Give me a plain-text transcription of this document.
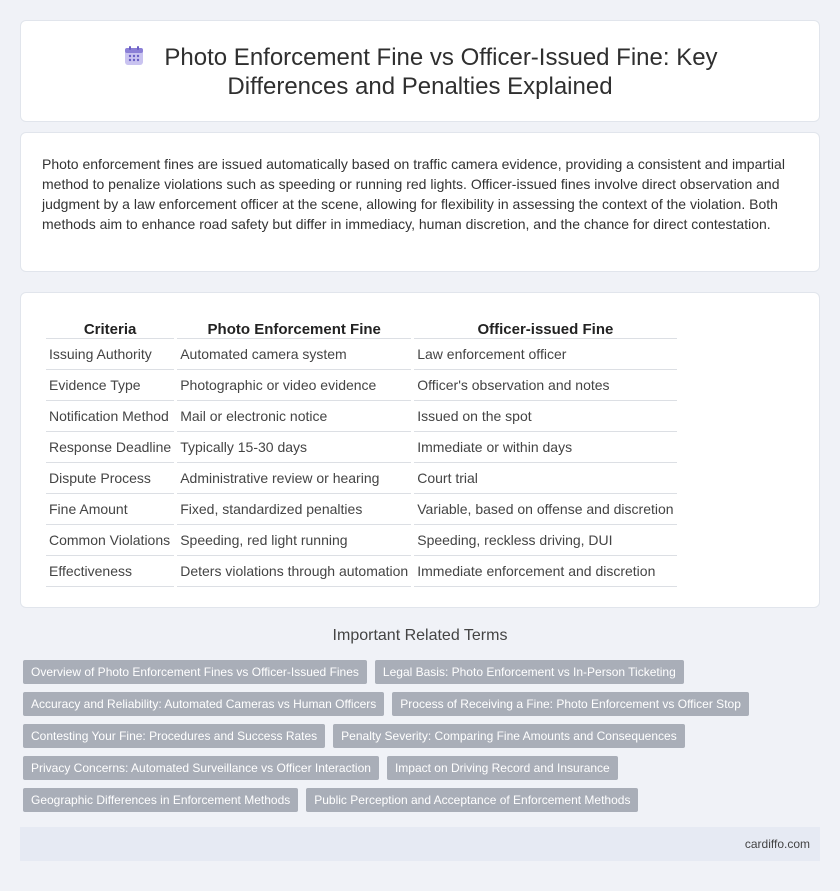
Photo Enforcement Fine vs Officer-Issued Fine: Key Differences and Penalties Explained

Photo enforcement fines are issued automatically based on traffic camera evidence, providing a consistent and impartial method to penalize violations such as speeding or running red lights. Officer-issued fines involve direct observation and judgment by a law enforcement officer at the scene, allowing for flexibility in assessing the context of the violation. Both methods aim to enhance road safety but differ in immediacy, human discretion, and the chance for direct contestation.

Criteria	Photo Enforcement Fine	Officer-issued Fine
Issuing Authority	Automated camera system	Law enforcement officer
Evidence Type	Photographic or video evidence	Officer's observation and notes
Notification Method	Mail or electronic notice	Issued on the spot
Response Deadline	Typically 15-30 days	Immediate or within days
Dispute Process	Administrative review or hearing	Court trial
Fine Amount	Fixed, standardized penalties	Variable, based on offense and discretion
Common Violations	Speeding, red light running	Speeding, reckless driving, DUI
Effectiveness	Deters violations through automation	Immediate enforcement and discretion
Important Related Terms
Overview of Photo Enforcement Fines vs Officer-Issued Fines	Legal Basis: Photo Enforcement vs In-Person Ticketing
Accuracy and Reliability: Automated Cameras vs Human Officers	Process of Receiving a Fine: Photo Enforcement vs Officer Stop
Contesting Your Fine: Procedures and Success Rates	Penalty Severity: Comparing Fine Amounts and Consequences
Privacy Concerns: Automated Surveillance vs Officer Interaction	Impact on Driving Record and Insurance
Geographic Differences in Enforcement Methods	Public Perception and Acceptance of Enforcement Methods
cardiffo.com
